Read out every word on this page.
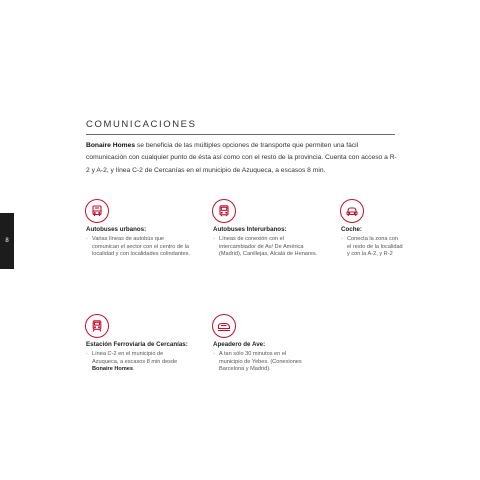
8
COMUNICACIONES

Bonaire Homes se beneficia de las múltiples opciones de transporte que permiten una fácil comunicación con cualquier punto de ésta así como con el resto de la provincia. Cuenta con acceso a R-2 y A-2, y línea C-2 de Cercanías en el municipio de Azuqueca, a escasos 8 min.

Autobuses urbanos:
- Varias líneas de autobús que comunican el sector con el centro de la localidad y con localidades colindantes.
Autobuses Interurbanos:
- Líneas de conexión con el intercambiador de Av/ De América (Madrid), Canillejas, Alcalá de Henares.
Coche:
- Conecta la zona con el resto de la localidad y con la A-2, y R-2
Estación Ferroviaria de Cercanías:
- Línea C-2 en el municipio de Azuqueca, a escasos 8 min desde Bonaire Homes.
Apeadero de Ave:
- A tan sólo 30 minutos en el municipio de Yebes. (Conexiones Barcelona y Madrid).
